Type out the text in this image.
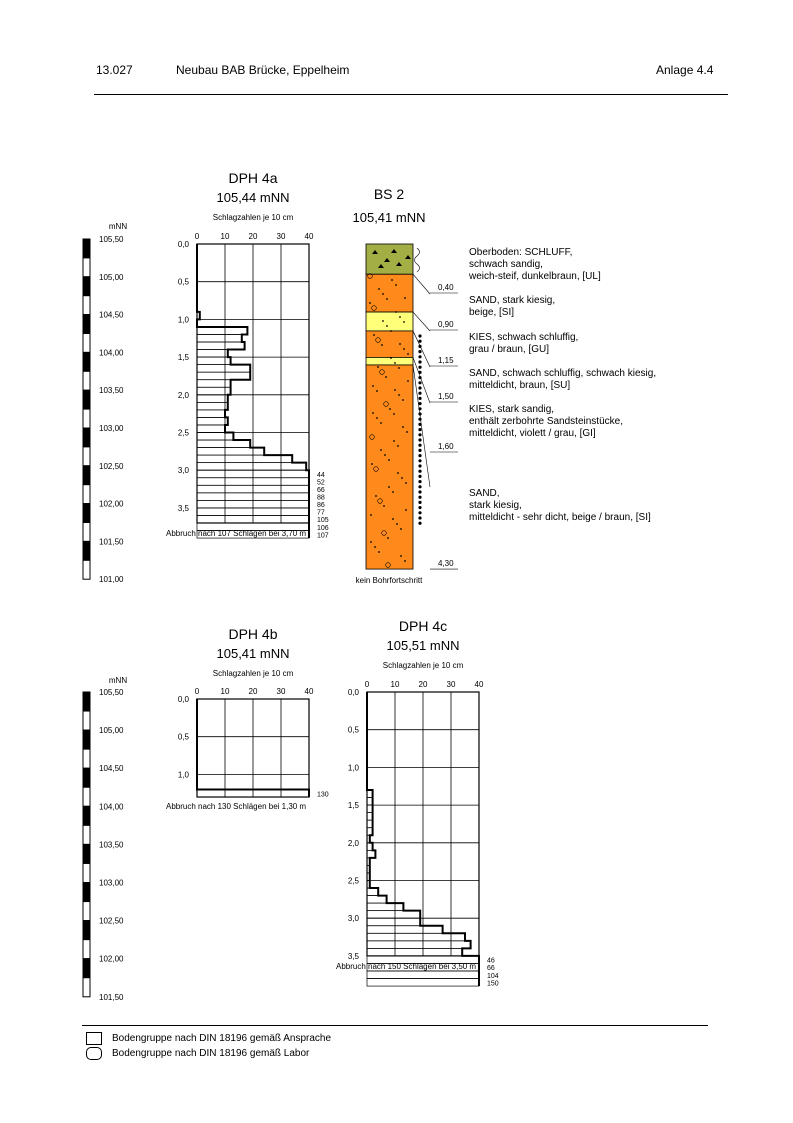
13.027	Neubau BAB Brücke, Eppelheim	Anlage 4.4
DPH 4a
105,44 mNN
Schlagzahlen je 10 cm
Abbruch nach 107 Schlägen bei 3,70 m
BS 2
105,41 mNN
kein Bohrfortschritt
DPH 4b
105,41 mNN
Schlagzahlen je 10 cm
Abbruch nach 130 Schlägen bei 1,30 m
DPH 4c
105,51 mNN
Schlagzahlen je 10 cm
Abbruch nach 150 Schlägen bei 3,50 m
mNN
mNN
105,50
105,00
104,50
104,00
103,50
103,00
102,50
102,00
101,50
101,00
105,50
105,00
104,50
104,00
103,50
103,00
102,50
102,00
101,50
0	10 20 30 40
0,0
0,5
1,0
1,5
2,0
2,5
3,0
3,5
44
52
66
88
86
77
105
106
107
0	10 20 30 40
0,0
0,5
1,0
130
0	10 20 30 40
0,0
0,5
1,0
1,5
2,0
2,5
3,0
3,5
46
66
104
150
Oberboden: SCHLUFF,
schwach sandig,
weich-steif, dunkelbraun, [UL]
SAND, stark kiesig,
beige, [SI]
KIES, schwach schluffig,
grau / braun, [GU]
SAND, schwach schluffig, schwach kiesig,
mitteldicht, braun, [SU]
KIES, stark sandig,
enthält zerbohrte Sandsteinstücke,
mitteldicht, violett / grau, [GI]
SAND,
stark kiesig,
mitteldicht - sehr dicht, beige / braun, [SI]
0,40
0,90
1,15
1,50
1,60
4,30
Bodengruppe nach DIN 18196 gemäß Ansprache
Bodengruppe nach DIN 18196 gemäß Labor
